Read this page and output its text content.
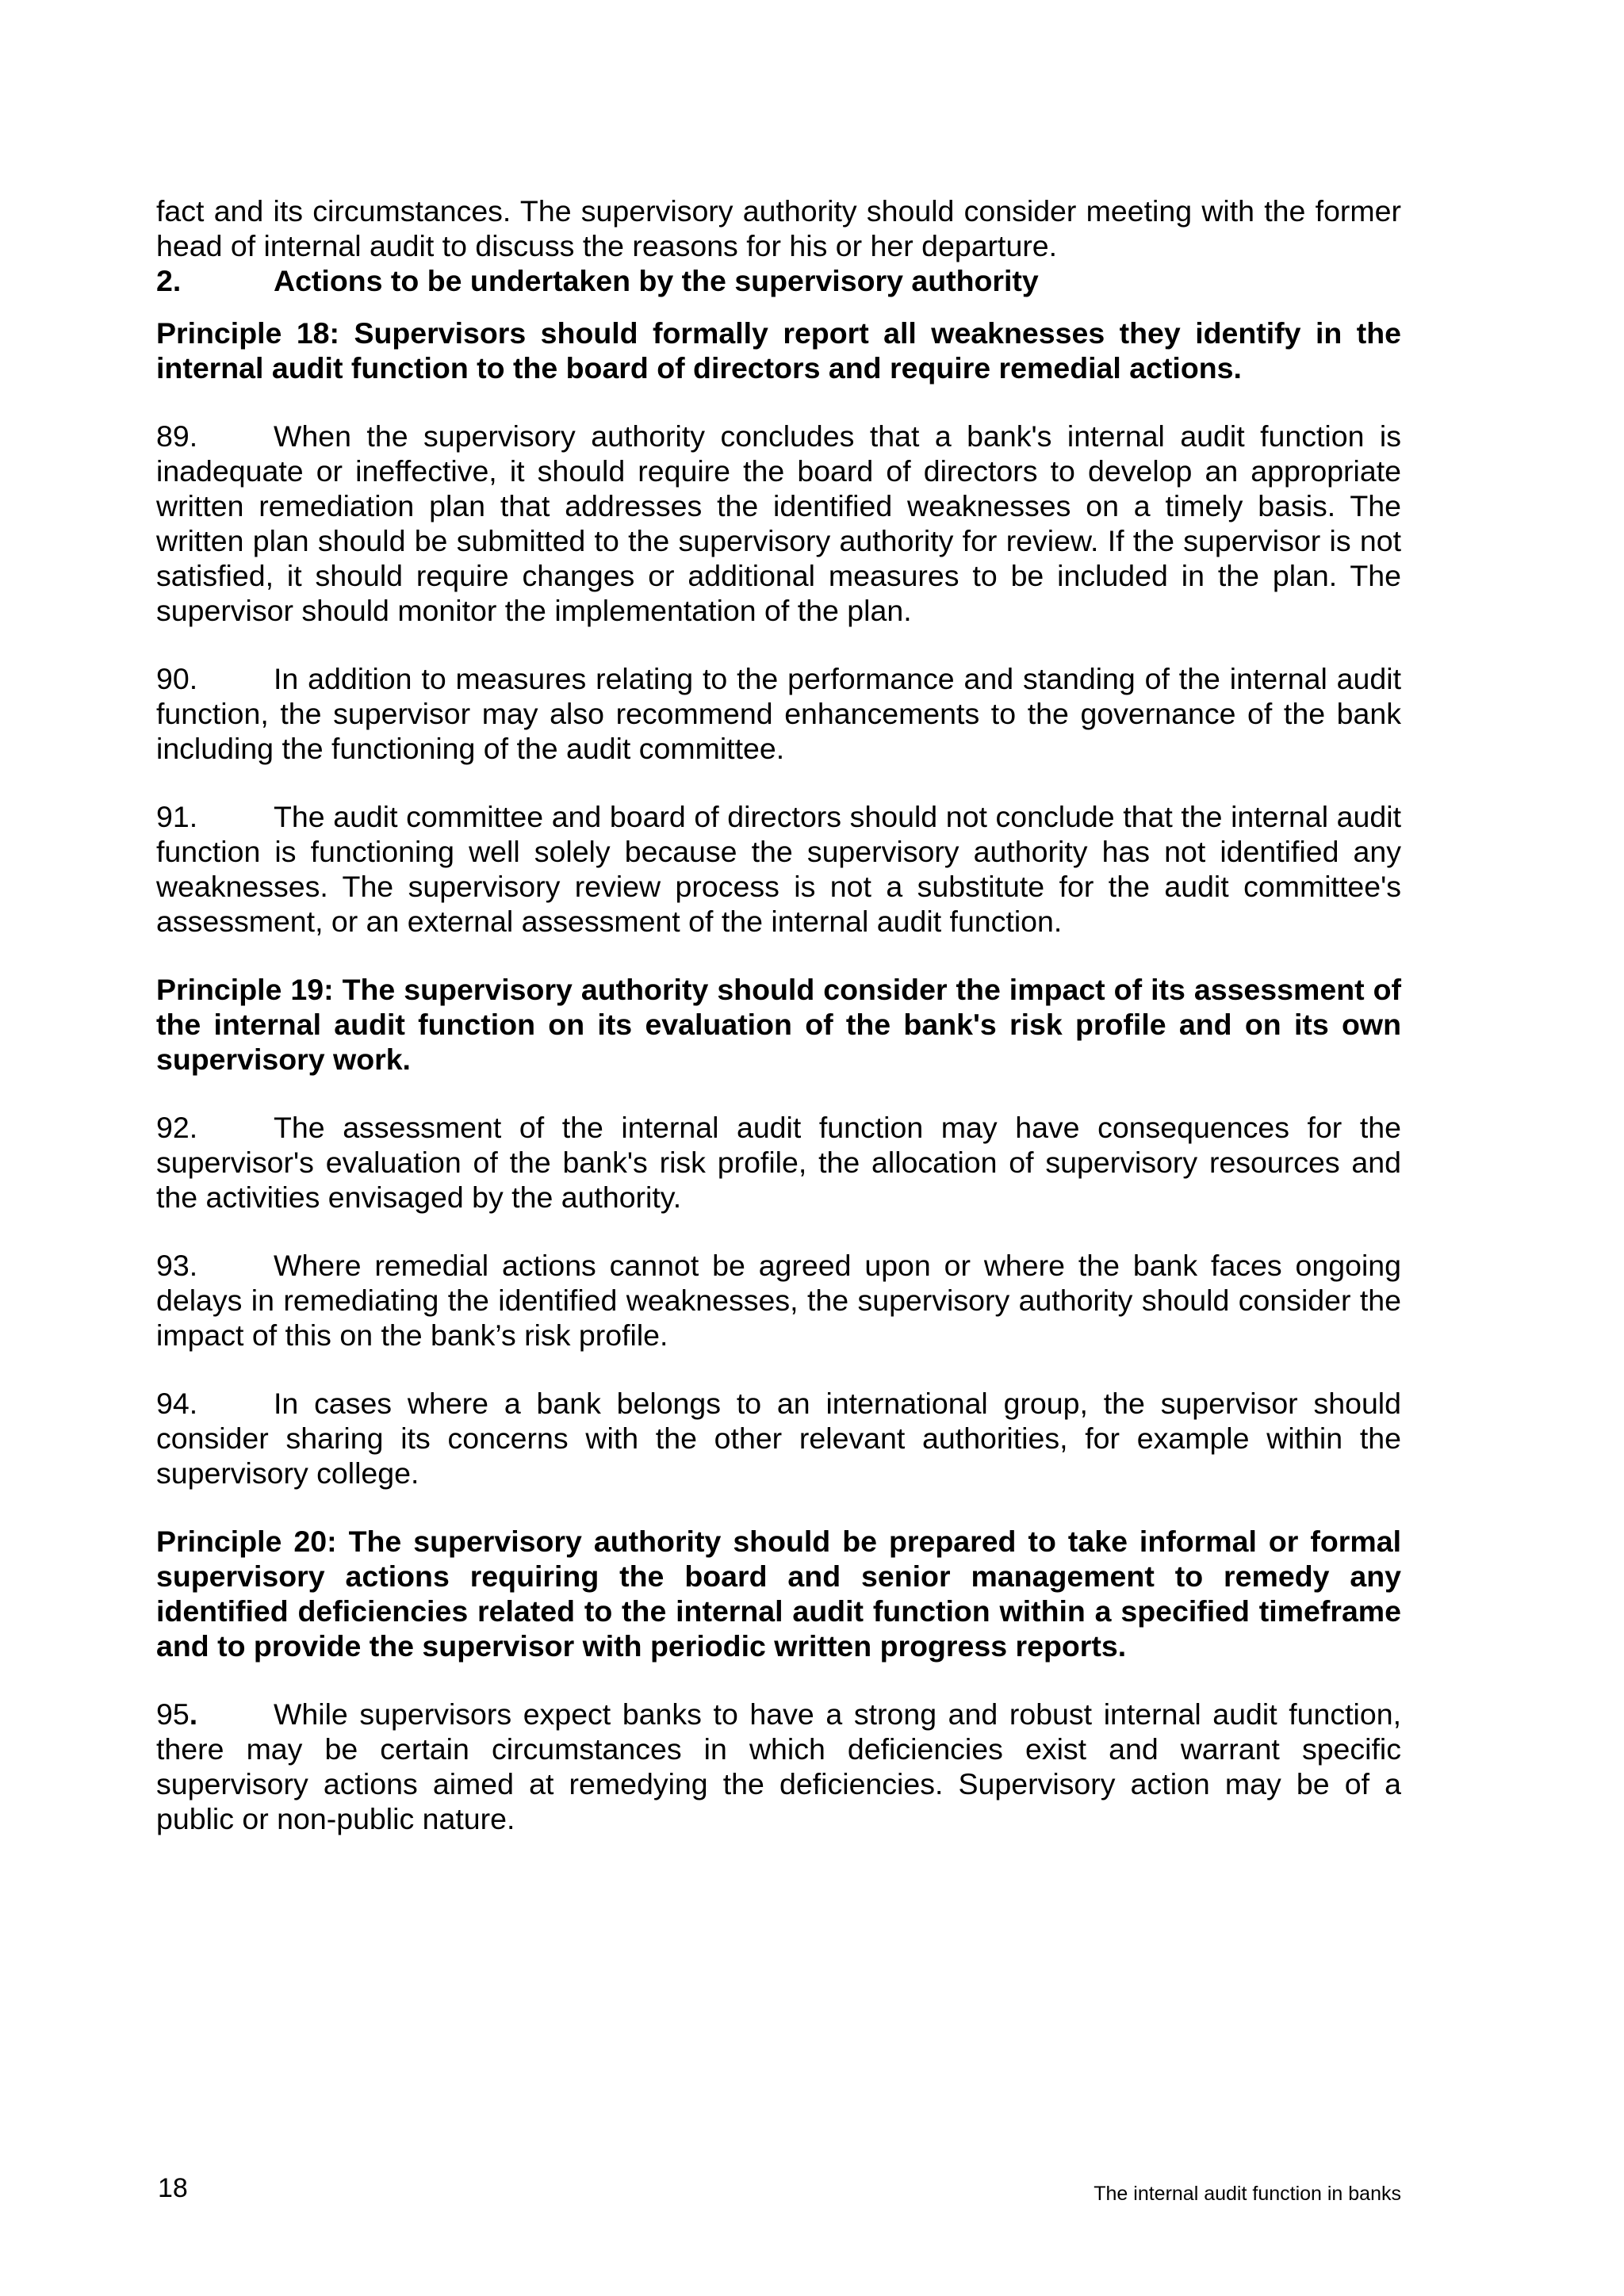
fact and its circumstances. The supervisory authority should consider meeting with the former head of internal audit to discuss the reasons for his or her departure.

2.	Actions to be undertaken by the supervisory authority

Principle 18: Supervisors should formally report all weaknesses they identify in the internal audit function to the board of directors and require remedial actions.

89.	When the supervisory authority concludes that a bank's internal audit function is inadequate or ineffective, it should require the board of directors to develop an appropriate written remediation plan that addresses the identified weaknesses on a timely basis. The written plan should be submitted to the supervisory authority for review. If the supervisor is not satisfied, it should require changes or additional measures to be included in the plan. The supervisor should monitor the implementation of the plan.

90.	In addition to measures relating to the performance and standing of the internal audit function, the supervisor may also recommend enhancements to the governance of the bank including the functioning of the audit committee.

91.	The audit committee and board of directors should not conclude that the internal audit function is functioning well solely because the supervisory authority has not identified any weaknesses. The supervisory review process is not a substitute for the audit committee's assessment, or an external assessment of the internal audit function.

Principle 19: The supervisory authority should consider the impact of its assessment of the internal audit function on its evaluation of the bank's risk profile and on its own supervisory work.

92.	The assessment of the internal audit function may have consequences for the supervisor's evaluation of the bank's risk profile, the allocation of supervisory resources and the activities envisaged by the authority.

93.	Where remedial actions cannot be agreed upon or where the bank faces ongoing delays in remediating the identified weaknesses, the supervisory authority should consider the impact of this on the bank’s risk profile.

94.	In cases where a bank belongs to an international group, the supervisor should consider sharing its concerns with the other relevant authorities, for example within the supervisory college.

Principle 20: The supervisory authority should be prepared to take informal or formal supervisory actions requiring the board and senior management to remedy any identified deficiencies related to the internal audit function within a specified timeframe and to provide the supervisor with periodic written progress reports.

95.	While supervisors expect banks to have a strong and robust internal audit function, there may be certain circumstances in which deficiencies exist and warrant specific supervisory actions aimed at remedying the deficiencies. Supervisory action may be of a public or non-public nature.

18	The internal audit function in banks
